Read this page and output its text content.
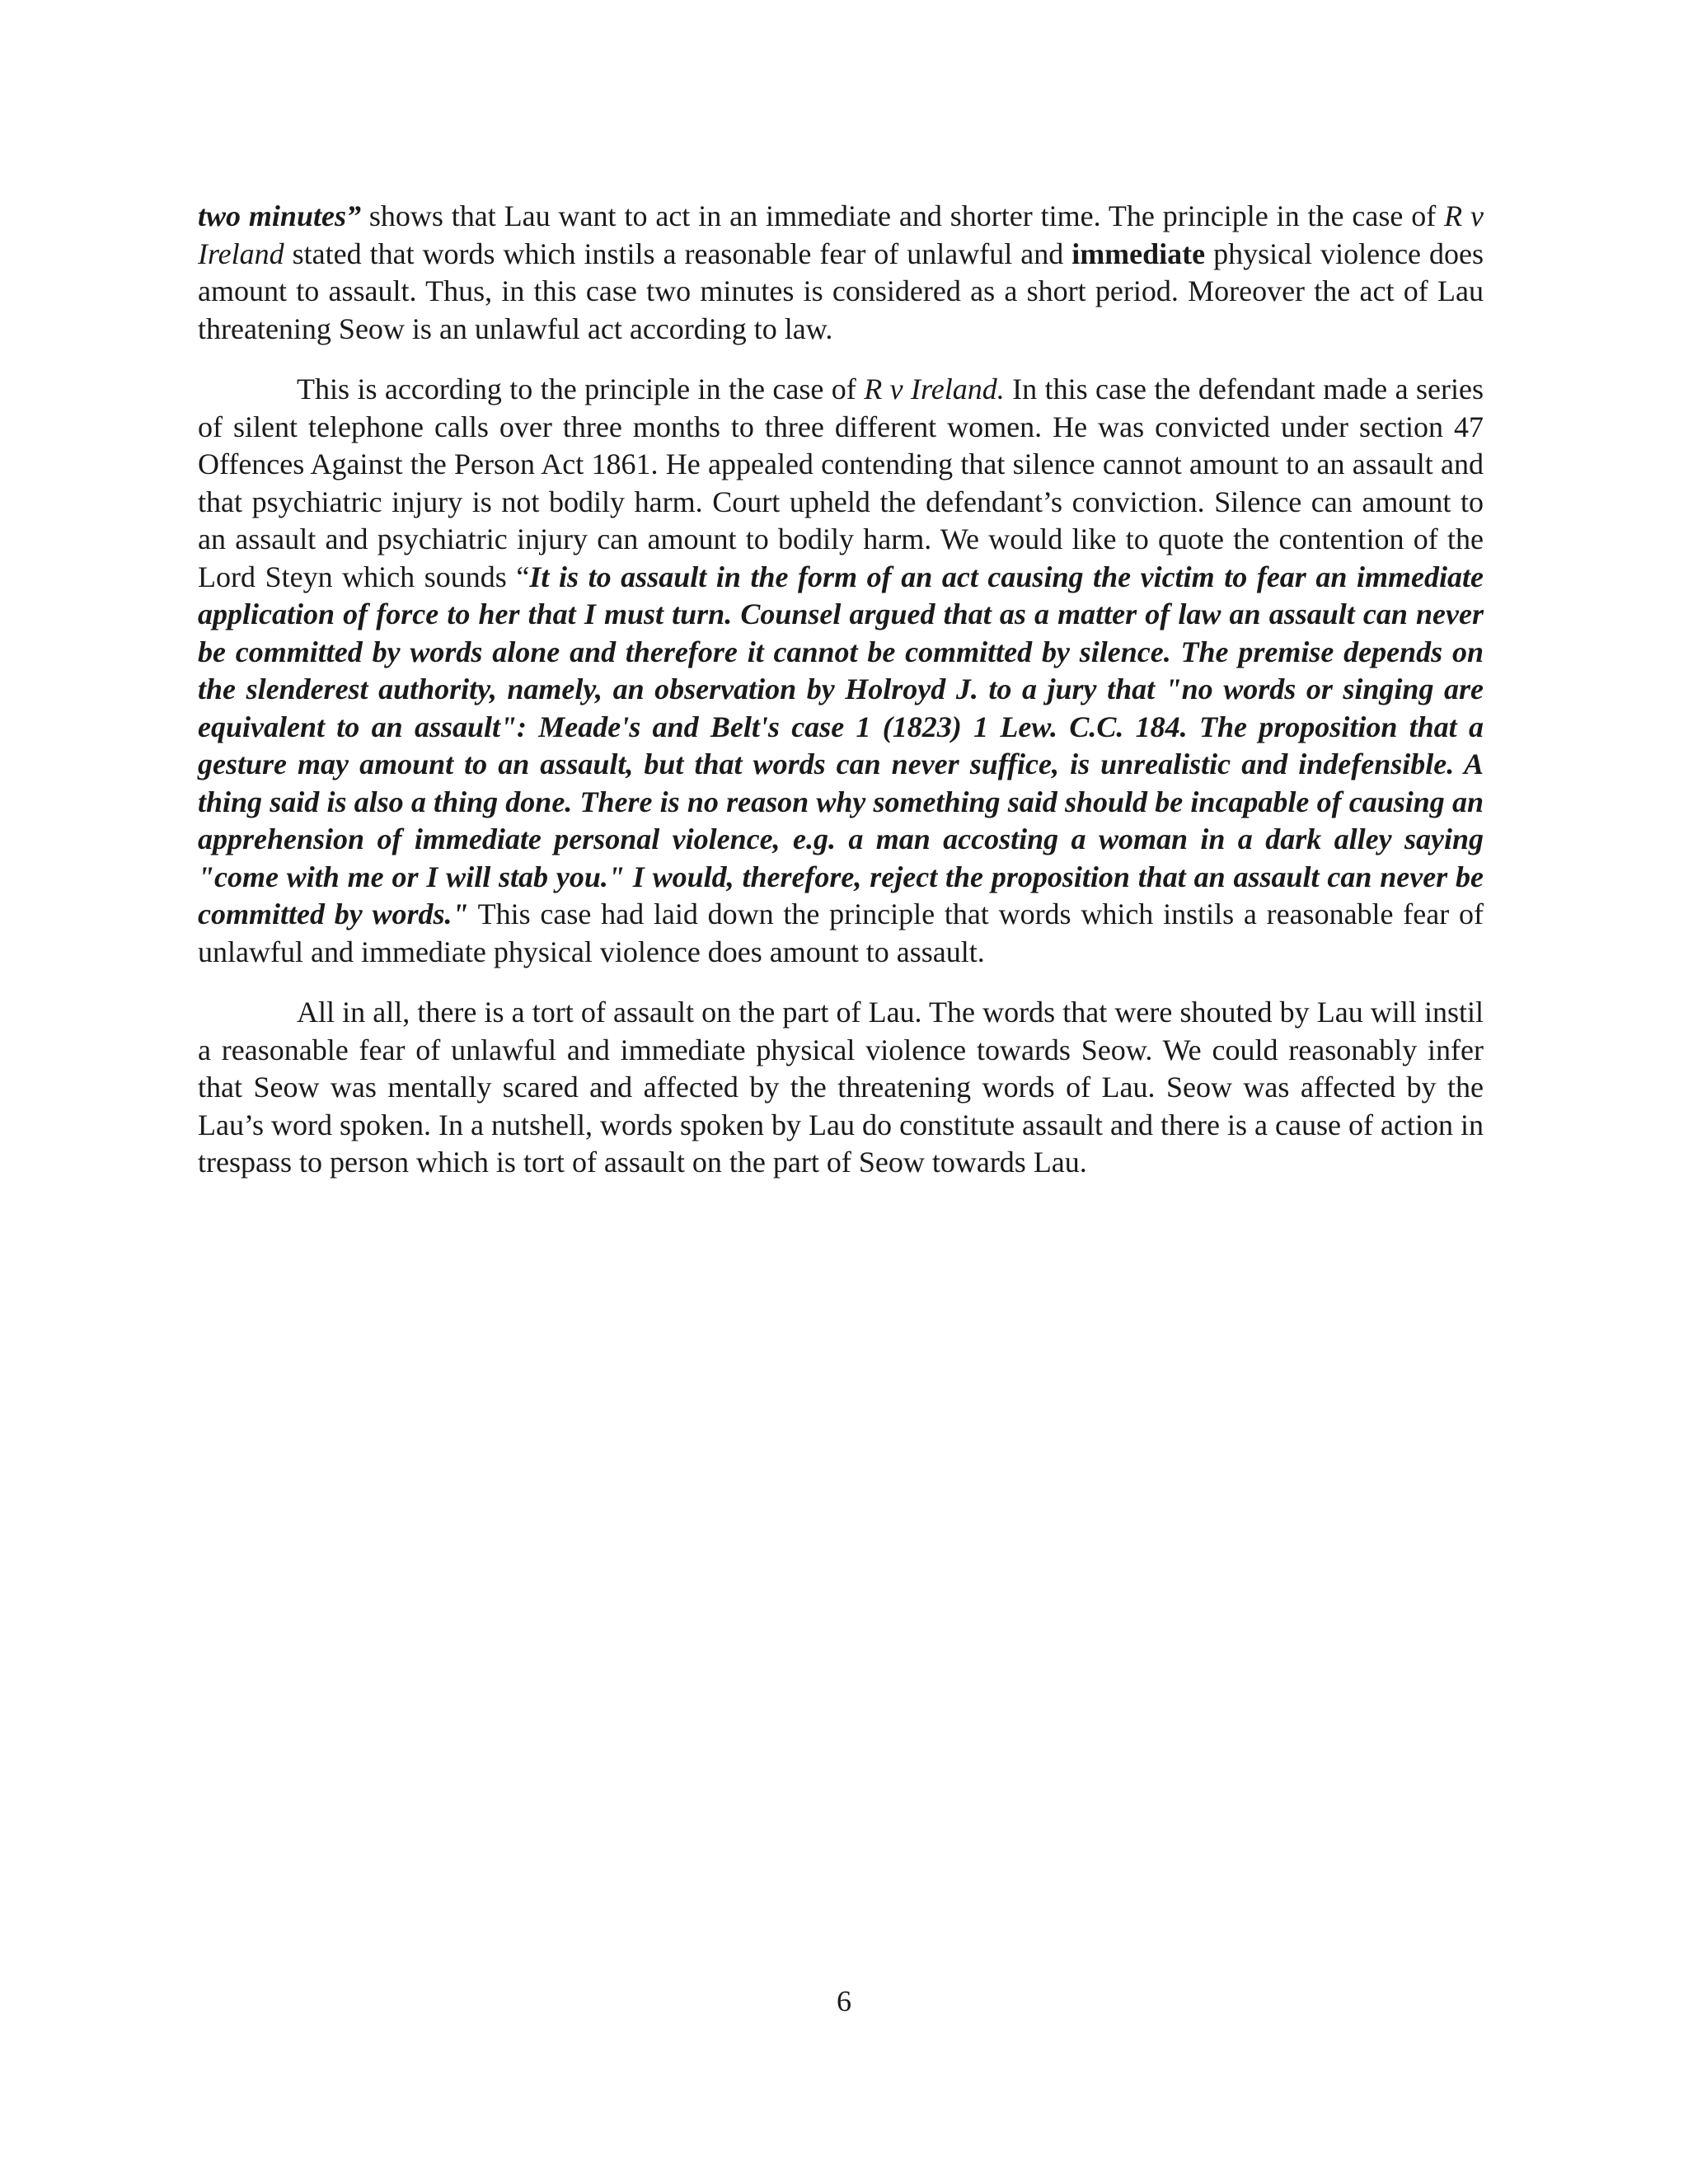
two minutes” shows that Lau want to act in an immediate and shorter time. The principle in the case of R v Ireland stated that words which instils a reasonable fear of unlawful and immediate physical violence does amount to assault. Thus, in this case two minutes is considered as a short period. Moreover the act of Lau threatening Seow is an unlawful act according to law.

This is according to the principle in the case of R v Ireland. In this case the defendant made a series of silent telephone calls over three months to three different women. He was convicted under section 47 Offences Against the Person Act 1861. He appealed contending that silence cannot amount to an assault and that psychiatric injury is not bodily harm. Court upheld the defendant’s conviction. Silence can amount to an assault and psychiatric injury can amount to bodily harm. We would like to quote the contention of the Lord Steyn which sounds “It is to assault in the form of an act causing the victim to fear an immediate application of force to her that I must turn. Counsel argued that as a matter of law an assault can never be committed by words alone and therefore it cannot be committed by silence. The premise depends on the slenderest authority, namely, an observation by Holroyd J. to a jury that "no words or singing are equivalent to an assault": Meade's and Belt's case 1 (1823) 1 Lew. C.C. 184. The proposition that a gesture may amount to an assault, but that words can never suffice, is unrealistic and indefensible. A thing said is also a thing done. There is no reason why something said should be incapable of causing an apprehension of immediate personal violence, e.g. a man accosting a woman in a dark alley saying "come with me or I will stab you." I would, therefore, reject the proposition that an assault can never be committed by words." This case had laid down the principle that words which instils a reasonable fear of unlawful and immediate physical violence does amount to assault.

All in all, there is a tort of assault on the part of Lau. The words that were shouted by Lau will instil a reasonable fear of unlawful and immediate physical violence towards Seow. We could reasonably infer that Seow was mentally scared and affected by the threatening words of Lau. Seow was affected by the Lau’s word spoken. In a nutshell, words spoken by Lau do constitute assault and there is a cause of action in trespass to person which is tort of assault on the part of Seow towards Lau.

6
